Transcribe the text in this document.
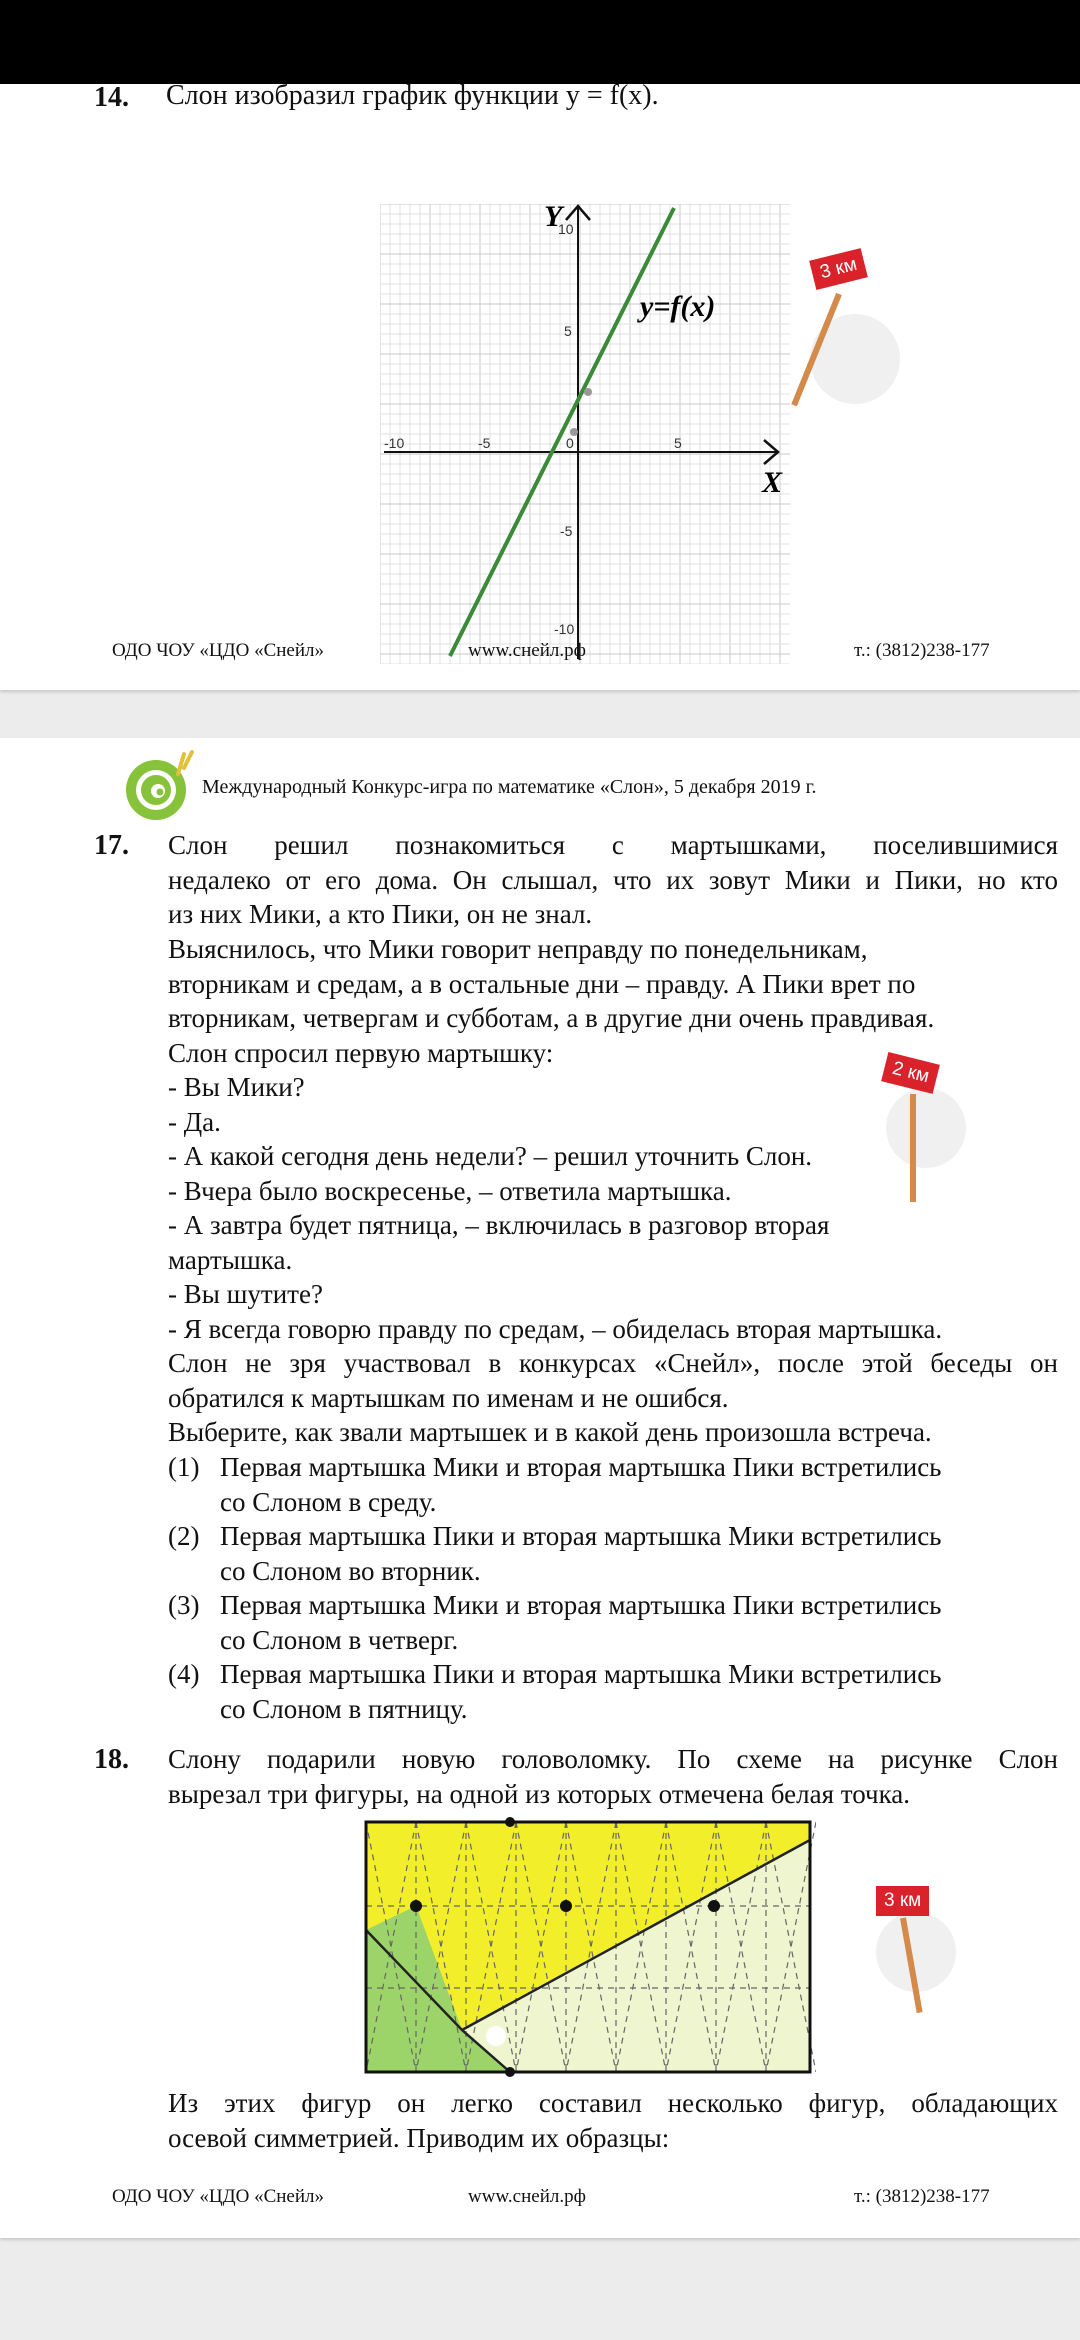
14. Слон изобразил график функции y = f(x).
Y
X
-10	-5	0	5
10
5
-5
-10
y=f(x)
3 км
ОДО ЧОУ «ЦДО «Снейл»	www.снейл.рф	т.: (3812)238-177
Международный Конкурс-игра по математике «Слон», 5 декабря 2019 г.
17. Слон решил познакомиться с мартышками, поселившимися
недалеко от его дома. Он слышал, что их зовут Мики и Пики, но кто
из них Мики, а кто Пики, он не знал.
Выяснилось, что Мики говорит неправду по понедельникам,
вторникам и средам, а в остальные дни – правду. А Пики врет по
вторникам, четвергам и субботам, а в другие дни очень правдивая.
Слон спросил первую мартышку:
- Вы Мики?
- Да.
- А какой сегодня день недели? – решил уточнить Слон.
- Вчера было воскресенье, – ответила мартышка.
- А завтра будет пятница, – включилась в разговор вторая
мартышка.
- Вы шутите?
- Я всегда говорю правду по средам, – обиделась вторая мартышка.
Слон не зря участвовал в конкурсах «Снейл», после этой беседы он
обратился к мартышкам по именам и не ошибся.
Выберите, как звали мартышек и в какой день произошла встреча.
(1) Первая мартышка Мики и вторая мартышка Пики встретились
со Слоном в среду.
(2) Первая мартышка Пики и вторая мартышка Мики встретились
со Слоном во вторник.
(3) Первая мартышка Мики и вторая мартышка Пики встретились
со Слоном в четверг.
(4) Первая мартышка Пики и вторая мартышка Мики встретились
со Слоном в пятницу.
2 км
18. Слону подарили новую головоломку. По схеме на рисунке Слон
вырезал три фигуры, на одной из которых отмечена белая точка.
3 км
Из этих фигур он легко составил несколько фигур, обладающих
осевой симметрией. Приводим их образцы:
ОДО ЧОУ «ЦДО «Снейл»	www.снейл.рф	т.: (3812)238-177
